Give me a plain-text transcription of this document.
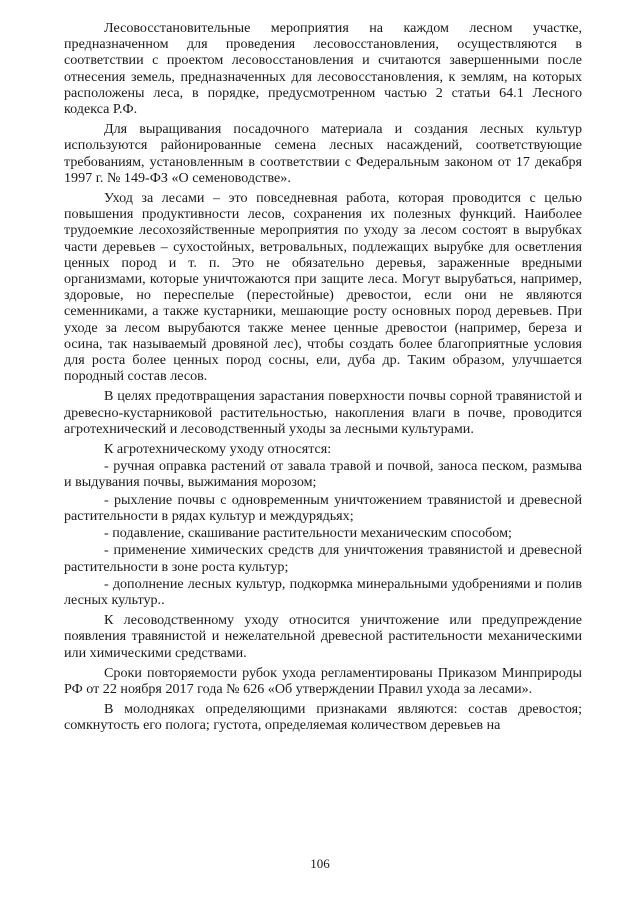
Лесовосстановительные мероприятия на каждом лесном участке, предназначенном для проведения лесовосстановления, осуществляются в соответствии с проектом лесовосстановления и считаются завершенными после отнесения земель, предназначенных для лесовосстановления, к землям, на которых расположены леса, в порядке, предусмотренном частью 2 статьи 64.1 Лесного кодекса Р.Ф.

Для выращивания посадочного материала и создания лесных культур используются районированные семена лесных насаждений, соответствующие требованиям, установленным в соответствии с Федеральным законом от 17 декабря 1997 г. № 149-ФЗ «О семеноводстве».

Уход за лесами – это повседневная работа, которая проводится с целью повышения продуктивности лесов, сохранения их полезных функций. Наиболее трудоемкие лесохозяйственные мероприятия по уходу за лесом состоят в вырубках части деревьев – сухостойных, ветровальных, подлежащих вырубке для осветления ценных пород и т. п. Это не обязательно деревья, зараженные вредными организмами, которые уничтожаются при защите леса. Могут вырубаться, например, здоровые, но переспелые (перестойные) древостои, если они не являются семенниками, а также кустарники, мешающие росту основных пород деревьев. При уходе за лесом вырубаются также менее ценные древостои (например, береза и осина, так называемый дровяной лес), чтобы создать более благоприятные условия для роста более ценных пород сосны, ели, дуба др. Таким образом, улучшается породный состав лесов.

В целях предотвращения зарастания поверхности почвы сорной травянистой и древесно-кустарниковой растительностью, накопления влаги в почве, проводится агротехнический и лесоводственный уходы за лесными культурами.

К агротехническому уходу относятся:

- ручная оправка растений от завала травой и почвой, заноса песком, размыва и выдувания почвы, выжимания морозом;

- рыхление почвы с одновременным уничтожением травянистой и древесной растительности в рядах культур и междурядьях;

- подавление, скашивание растительности механическим способом;

- применение химических средств для уничтожения травянистой и древесной растительности в зоне роста культур;

- дополнение лесных культур, подкормка минеральными удобрениями и полив лесных культур..

К лесоводственному уходу относится уничтожение или предупреждение появления травянистой и нежелательной древесной растительности механическими или химическими средствами.

Сроки повторяемости рубок ухода регламентированы Приказом Минприроды РФ от 22 ноября 2017 года № 626 «Об утверждении Правил ухода за лесами».

В молодняках определяющими признаками являются: состав древостоя; сомкнутость его полога; густота, определяемая количеством деревьев на

106
